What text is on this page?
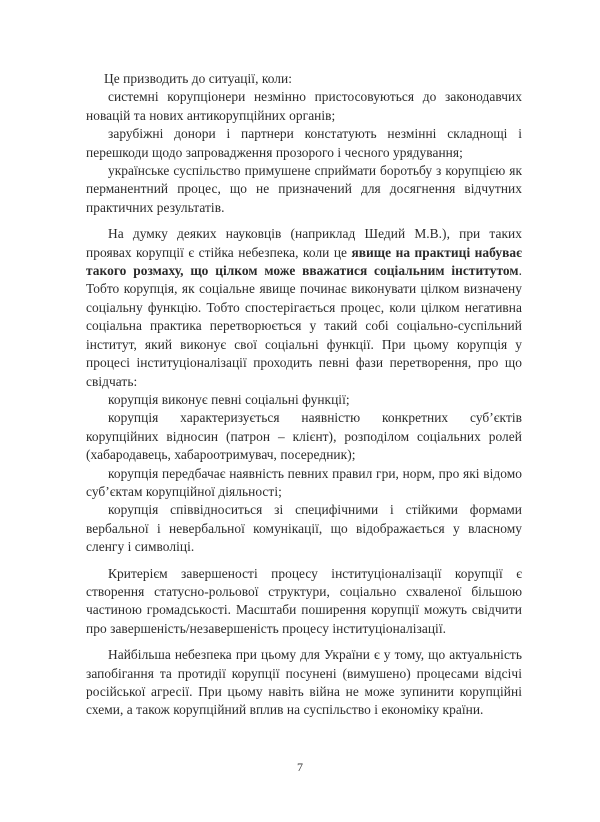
Це призводить до ситуації, коли:

системні корупціонери незмінно пристосовуються до законодавчих новацій та нових антикорупційних органів;

зарубіжні донори і партнери констатують незмінні складнощі і перешкоди щодо запровадження прозорого і чесного урядування;

українське суспільство примушене сприймати боротьбу з корупцією як перманентний процес, що не призначений для досягнення відчутних практичних результатів.

На думку деяких науковців (наприклад Шедий М.В.), при таких проявах корупції є стійка небезпека, коли це явище на практиці набуває такого розмаху, що цілком може вважатися соціальним інститутом. Тобто корупція, як соціальне явище починає виконувати цілком визначену соціальну функцію. Тобто спостерігається процес, коли цілком негативна соціальна практика перетворюється у такий собі соціально-суспільний інститут, який виконує свої соціальні функції. При цьому корупція у процесі інституціоналізації проходить певні фази перетворення, про що свідчать:

корупція виконує певні соціальні функції;

корупція характеризується наявністю конкретних суб’єктів корупційних відносин (патрон – клієнт), розподілом соціальних ролей (хабародавець, хабароотримувач, посередник);

корупція передбачає наявність певних правил гри, норм, про які відомо суб’єктам корупційної діяльності;

корупція співвідноситься зі специфічними і стійкими формами вербальної і невербальної комунікації, що відображається у власному сленгу і символіці.

Критерієм завершеності процесу інституціоналізації корупції є створення статусно-рольової структури, соціально схваленої більшою частиною громадськості. Масштаби поширення корупції можуть свідчити про завершеність/незавершеність процесу інституціоналізації.

Найбільша небезпека при цьому для України є у тому, що актуальність запобігання та протидії корупції посунені (вимушено) процесами відсічі російської агресії. При цьому навіть війна не може зупинити корупційні схеми, а також корупційний вплив на суспільство і економіку країни.

7
